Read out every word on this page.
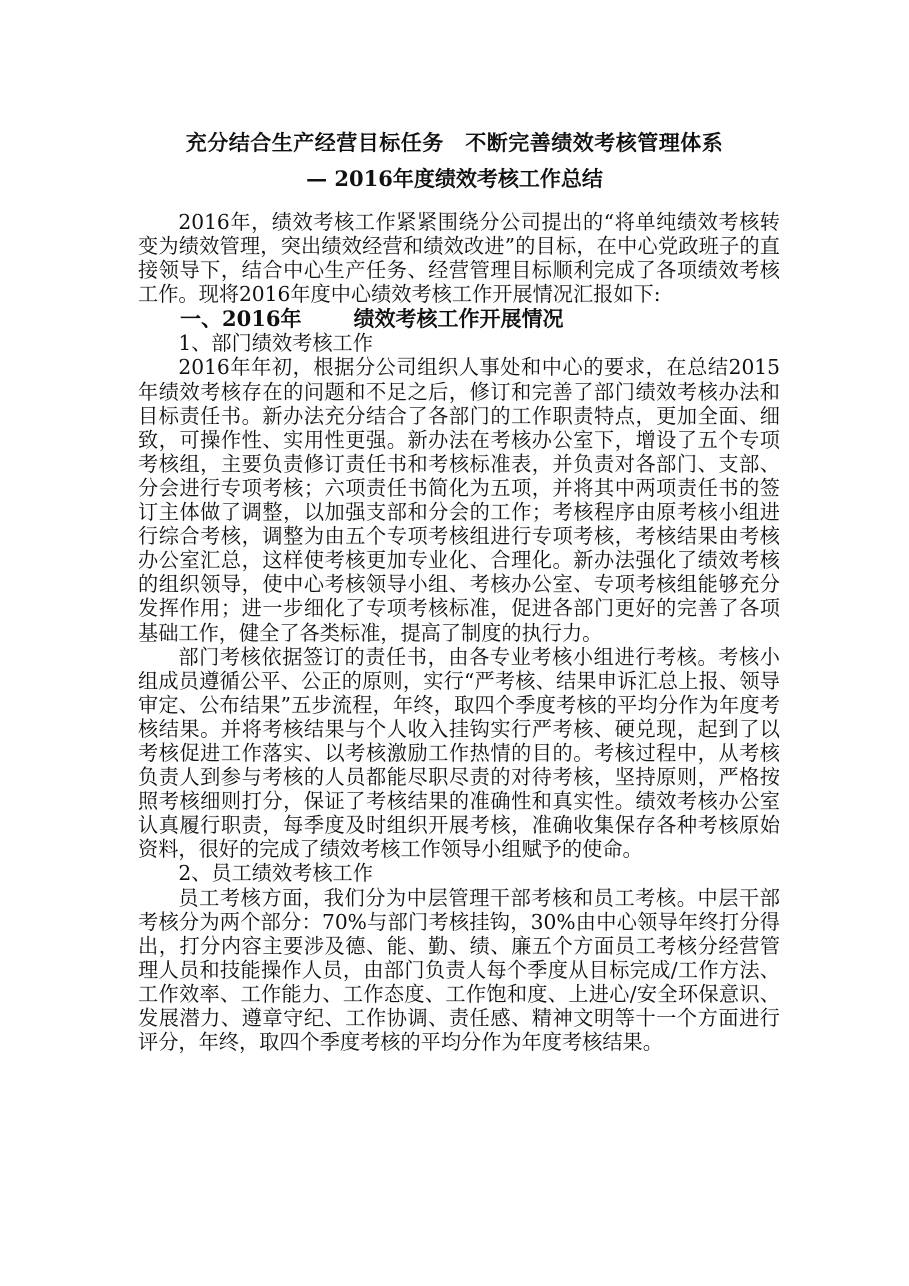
充分结合生产经营目标任务　不断完善绩效考核管理体系
— 2016年度绩效考核工作总结

2016年，绩效考核工作紧紧围绕分公司提出的“将单纯绩效考核转变为绩效管理，突出绩效经营和绩效改进”的目标，在中心党政班子的直接领导下，结合中心生产任务、经营管理目标顺利完成了各项绩效考核工作。现将2016年度中心绩效考核工作开展情况汇报如下:

一、2016年 绩效考核工作开展情况

1、部门绩效考核工作

2016年年初，根据分公司组织人事处和中心的要求，在总结2015年绩效考核存在的问题和不足之后，修订和完善了部门绩效考核办法和目标责任书。新办法充分结合了各部门的工作职责特点，更加全面、细致，可操作性、实用性更强。新办法在考核办公室下，增设了五个专项考核组，主要负责修订责任书和考核标准表，并负责对各部门、支部、分会进行专项考核；六项责任书简化为五项，并将其中两项责任书的签订主体做了调整，以加强支部和分会的工作；考核程序由原考核小组进行综合考核，调整为由五个专项考核组进行专项考核，考核结果由考核办公室汇总，这样使考核更加专业化、合理化。新办法强化了绩效考核的组织领导，使中心考核领导小组、考核办公室、专项考核组能够充分发挥作用；进一步细化了专项考核标准，促进各部门更好的完善了各项基础工作，健全了各类标准，提高了制度的执行力。

部门考核依据签订的责任书，由各专业考核小组进行考核。考核小组成员遵循公平、公正的原则，实行“严考核、结果申诉汇总上报、领导审定、公布结果”五步流程，年终，取四个季度考核的平均分作为年度考核结果。并将考核结果与个人收入挂钩实行严考核、硬兑现，起到了以考核促进工作落实、以考核激励工作热情的目的。考核过程中，从考核负责人到参与考核的人员都能尽职尽责的对待考核，坚持原则，严格按照考核细则打分，保证了考核结果的准确性和真实性。绩效考核办公室认真履行职责，每季度及时组织开展考核，准确收集保存各种考核原始资料，很好的完成了绩效考核工作领导小组赋予的使命。

2、员工绩效考核工作

员工考核方面，我们分为中层管理干部考核和员工考核。中层干部考核分为两个部分：70%与部门考核挂钩，30%由中心领导年终打分得出，打分内容主要涉及德、能、勤、绩、廉五个方面员工考核分经营管理人员和技能操作人员，由部门负责人每个季度从目标完成/工作方法、工作效率、工作能力、工作态度、工作饱和度、上进心/安全环保意识、发展潜力、遵章守纪、工作协调、责任感、精神文明等十一个方面进行评分，年终，取四个季度考核的平均分作为年度考核结果。
